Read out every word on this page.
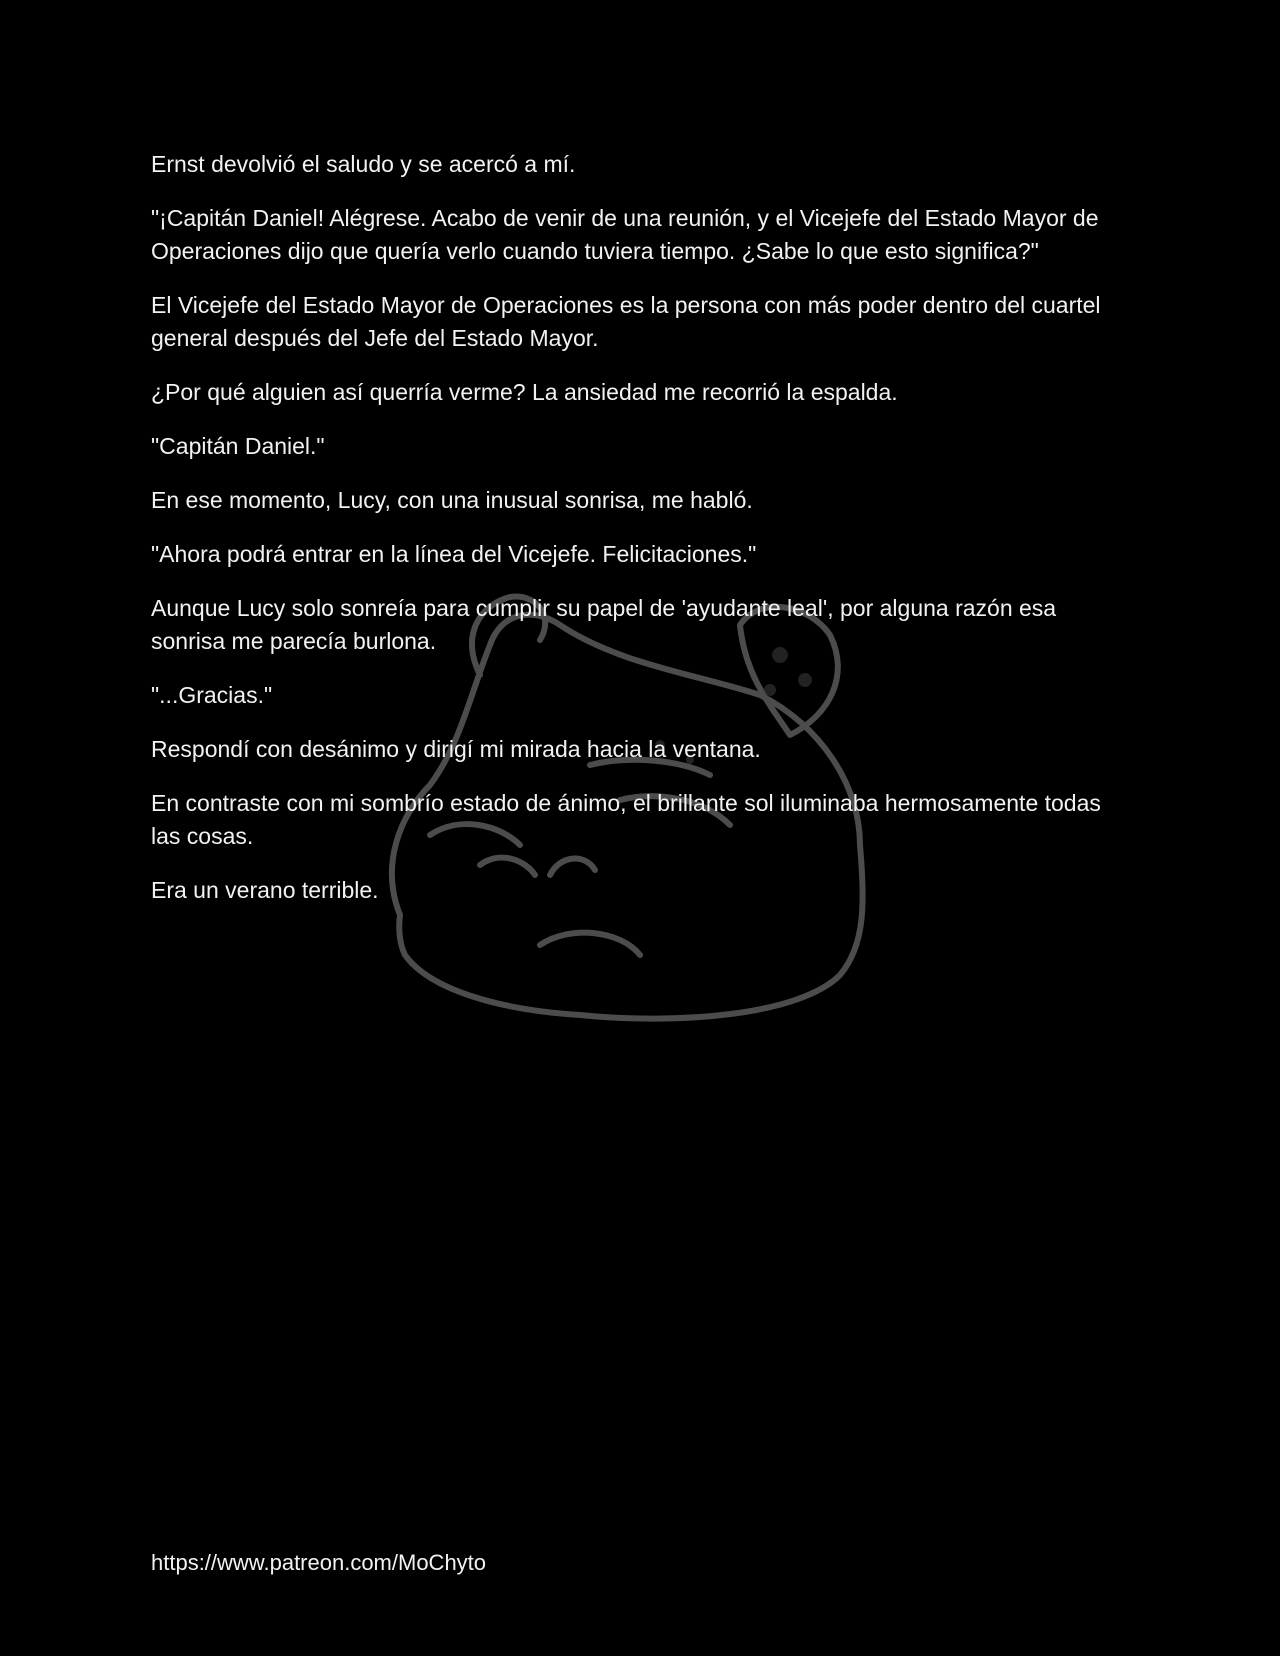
Ernst devolvió el saludo y se acercó a mí.

"¡Capitán Daniel! Alégrese. Acabo de venir de una reunión, y el Vicejefe del Estado Mayor de Operaciones dijo que quería verlo cuando tuviera tiempo. ¿Sabe lo que esto significa?"

El Vicejefe del Estado Mayor de Operaciones es la persona con más poder dentro del cuartel general después del Jefe del Estado Mayor.

¿Por qué alguien así querría verme? La ansiedad me recorrió la espalda.

"Capitán Daniel."

En ese momento, Lucy, con una inusual sonrisa, me habló.

"Ahora podrá entrar en la línea del Vicejefe. Felicitaciones."

Aunque Lucy solo sonreía para cumplir su papel de 'ayudante leal', por alguna razón esa sonrisa me parecía burlona.

"...Gracias."

Respondí con desánimo y dirigí mi mirada hacia la ventana.

En contraste con mi sombrío estado de ánimo, el brillante sol iluminaba hermosamente todas las cosas.

Era un verano terrible.

https://www.patreon.com/MoChyto
